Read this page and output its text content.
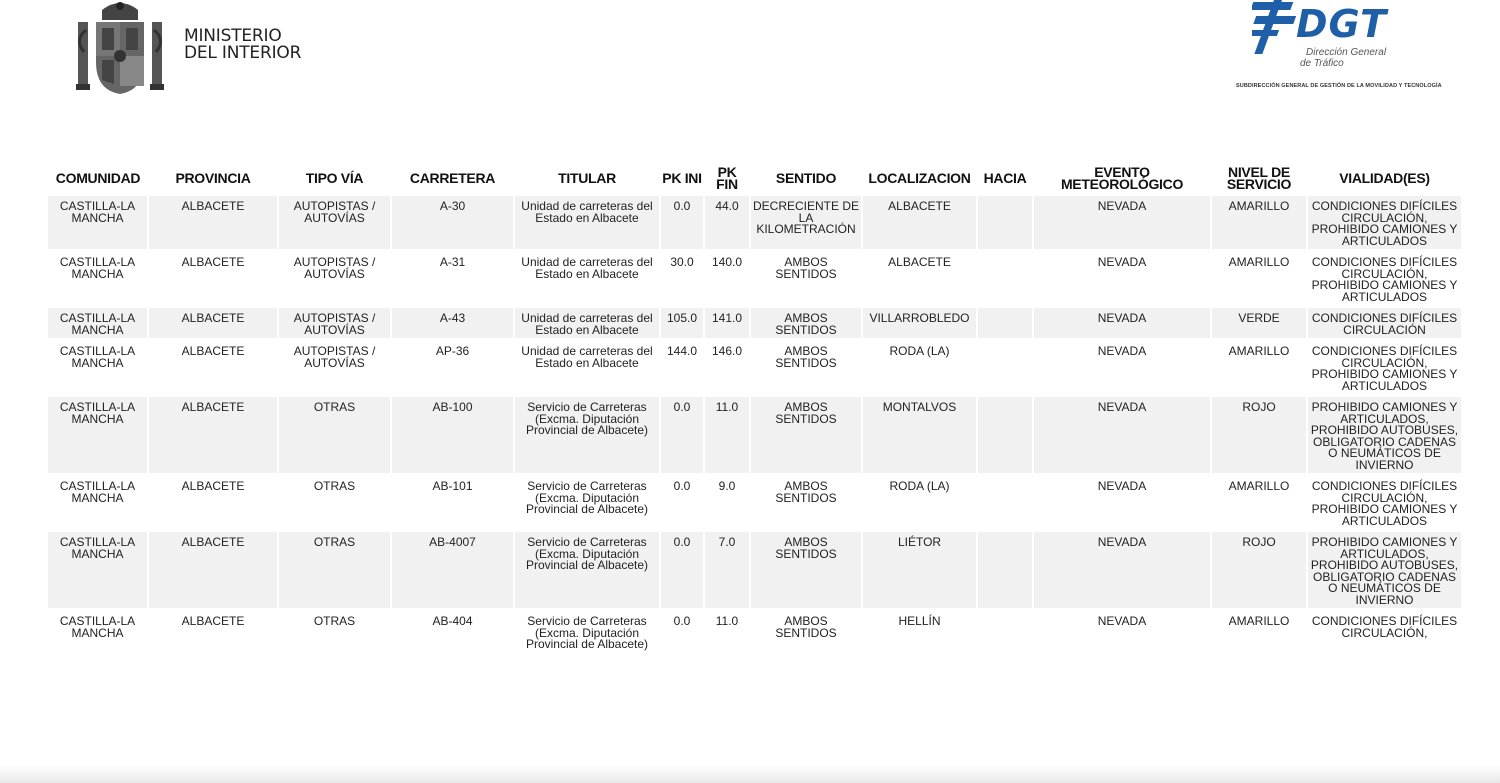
MINISTERIO
DEL INTERIOR
DGT
Dirección General
de Tráfico
SUBDIRECCIÓN GENERAL DE GESTIÓN DE LA MOVILIDAD Y TECNOLOGÍA
COMUNIDAD	PROVINCIA	TIPO VÍA	CARRETERA	TITULAR	PK INI	PK FIN	SENTIDO	LOCALIZACION	HACIA	EVENTO METEOROLÓGICO	NIVEL DE SERVICIO	VIALIDAD(ES)
CASTILLA-LA MANCHA	ALBACETE	AUTOPISTAS / AUTOVÍAS	A-30	Unidad de carreteras del Estado en Albacete	0.0	44.0	DECRECIENTE DE LA KILOMETRACIÓN	ALBACETE		NEVADA	AMARILLO	CONDICIONES DIFÍCILES CIRCULACIÓN, PROHIBIDO CAMIONES Y ARTICULADOS
CASTILLA-LA MANCHA	ALBACETE	AUTOPISTAS / AUTOVÍAS	A-31	Unidad de carreteras del Estado en Albacete	30.0	140.0	AMBOS SENTIDOS	ALBACETE		NEVADA	AMARILLO	CONDICIONES DIFÍCILES CIRCULACIÓN, PROHIBIDO CAMIONES Y ARTICULADOS
CASTILLA-LA MANCHA	ALBACETE	AUTOPISTAS / AUTOVÍAS	A-43	Unidad de carreteras del Estado en Albacete	105.0	141.0	AMBOS SENTIDOS	VILLARROBLEDO		NEVADA	VERDE	CONDICIONES DIFÍCILES CIRCULACIÓN
CASTILLA-LA MANCHA	ALBACETE	AUTOPISTAS / AUTOVÍAS	AP-36	Unidad de carreteras del Estado en Albacete	144.0	146.0	AMBOS SENTIDOS	RODA (LA)		NEVADA	AMARILLO	CONDICIONES DIFÍCILES CIRCULACIÓN, PROHIBIDO CAMIONES Y ARTICULADOS
CASTILLA-LA MANCHA	ALBACETE	OTRAS	AB-100	Servicio de Carreteras (Excma. Diputación Provincial de Albacete)	0.0	11.0	AMBOS SENTIDOS	MONTALVOS		NEVADA	ROJO	PROHIBIDO CAMIONES Y ARTICULADOS, PROHIBIDO AUTOBUSES, OBLIGATORIO CADENAS O NEUMÁTICOS DE INVIERNO
CASTILLA-LA MANCHA	ALBACETE	OTRAS	AB-101	Servicio de Carreteras (Excma. Diputación Provincial de Albacete)	0.0	9.0	AMBOS SENTIDOS	RODA (LA)		NEVADA	AMARILLO	CONDICIONES DIFÍCILES CIRCULACIÓN, PROHIBIDO CAMIONES Y ARTICULADOS
CASTILLA-LA MANCHA	ALBACETE	OTRAS	AB-4007	Servicio de Carreteras (Excma. Diputación Provincial de Albacete)	0.0	7.0	AMBOS SENTIDOS	LIÉTOR		NEVADA	ROJO	PROHIBIDO CAMIONES Y ARTICULADOS, PROHIBIDO AUTOBUSES, OBLIGATORIO CADENAS O NEUMÁTICOS DE INVIERNO
CASTILLA-LA MANCHA	ALBACETE	OTRAS	AB-404	Servicio de Carreteras (Excma. Diputación Provincial de Albacete)	0.0	11.0	AMBOS SENTIDOS	HELLÍN		NEVADA	AMARILLO	CONDICIONES DIFÍCILES CIRCULACIÓN,
